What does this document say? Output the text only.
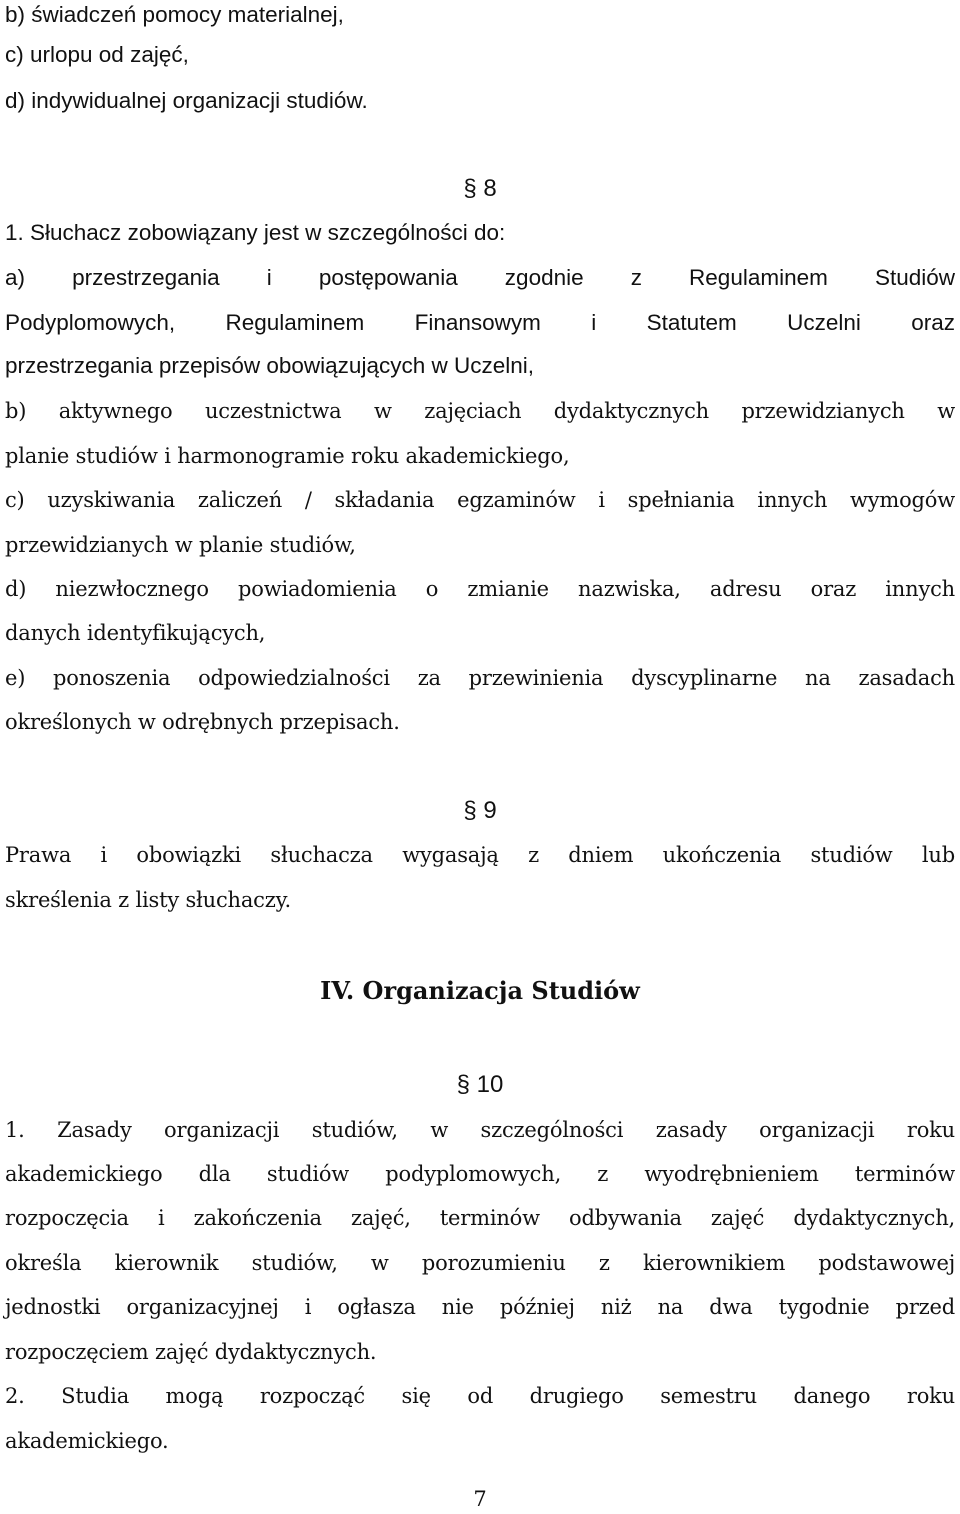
b) świadczeń pomocy materialnej,
c) urlopu od zajęć,
d) indywidualnej organizacji studiów.
§ 8
1. Słuchacz zobowiązany jest w szczególności do:
a) przestrzegania i postępowania zgodnie z Regulaminem Studiów
Podyplomowych, Regulaminem Finansowym i Statutem Uczelni oraz
przestrzegania przepisów obowiązujących w Uczelni,
b) aktywnego uczestnictwa w zajęciach dydaktycznych przewidzianych w
planie studiów i harmonogramie roku akademickiego,
c) uzyskiwania zaliczeń / składania egzaminów i spełniania innych wymogów
przewidzianych w planie studiów,
d) niezwłocznego powiadomienia o zmianie nazwiska, adresu oraz innych
danych identyfikujących,
e) ponoszenia odpowiedzialności za przewinienia dyscyplinarne na zasadach
określonych w odrębnych przepisach.
§ 9
Prawa i obowiązki słuchacza wygasają z dniem ukończenia studiów lub
skreślenia z listy słuchaczy.
IV. Organizacja Studiów
§ 10
1. Zasady organizacji studiów, w szczególności zasady organizacji roku
akademickiego dla studiów podyplomowych, z wyodrębnieniem terminów
rozpoczęcia i zakończenia zajęć, terminów odbywania zajęć dydaktycznych,
określa kierownik studiów, w porozumieniu z kierownikiem podstawowej
jednostki organizacyjnej i ogłasza nie później niż na dwa tygodnie przed
rozpoczęciem zajęć dydaktycznych.
2. Studia mogą rozpocząć się od drugiego semestru danego roku
akademickiego.
7
